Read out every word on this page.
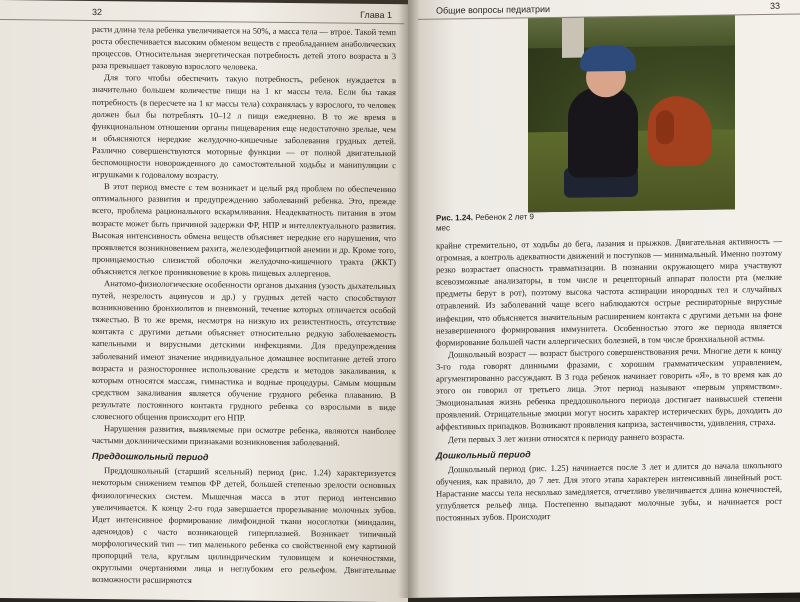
32	Глава 1

расти длина тела ребенка увеличивается на 50%, а масса тела — втрое. Такой темп роста обеспечивается высоким обменом веществ с преобладанием анаболических процессов. Относительная энергетическая потребность детей этого возраста в 3 раза превышает таковую взрослого человека.

Для того чтобы обеспечить такую потребность, ребенок нуждается в значительно большем количестве пищи на 1 кг массы тела. Если бы такая потребность (в пересчете на 1 кг массы тела) сохранялась у взрослого, то человек должен был бы потреблять 10–12 л пищи ежедневно. В то же время в функциональном отношении органы пищеварения еще недостаточно зрелые, чем и объясняются нередкие желудочно-кишечные заболевания грудных детей. Различно совершенствуются моторные функции — от полной двигательной беспомощности новорожденного до самостоятельной ходьбы и манипуляции с игрушками к годовалому возрасту.

В этот период вместе с тем возникает и целый ряд проблем по обеспечению оптимального развития и предупреждению заболеваний ребенка. Это, прежде всего, проблема рационального вскармливания. Неадекватность питания в этом возрасте может быть причиной задержки ФР, НПР и интеллектуального развития. Высокая интенсивность обмена веществ объясняет нередкие его нарушения, что проявляется возникновением рахита, железодефицитной анемии и др. Кроме того, проницаемостью слизистой оболочки желудочно-кишечного тракта (ЖКТ) объясняется легкое проникновение в кровь пищевых аллергенов.

Анатомо-физиологические особенности органов дыхания (узость дыхательных путей, незрелость ацинусов и др.) у грудных детей часто способствуют возникновению бронхиолитов и пневмоний, течение которых отличается особой тяжестью. В то же время, несмотря на низкую их резистентность, отсутствие контакта с другими детьми объясняет относительно редкую заболеваемость капельными и вирусными детскими инфекциями. Для предупреждения заболеваний имеют значение индивидуальное домашнее воспитание детей этого возраста и разностороннее использование средств и методов закаливания, к которым относятся массаж, гимнастика и водные процедуры. Самым мощным средством закаливания является обучение грудного ребенка плаванию. В результате постоянного контакта грудного ребенка со взрослыми в виде словесного общения происходит его НПР.

Нарушения развития, выявляемые при осмотре ребенка, являются наиболее частыми доклиническими признаками возникновения заболеваний.

Преддошкольный период

Преддошкольный (старший ясельный) период (рис. 1.24) характеризуется некоторым снижением темпов ФР детей, большей степенью зрелости основных физиологических систем. Мышечная масса в этот период интенсивно увеличивается. К концу 2-го года завершается прорезывание молочных зубов. Идет интенсивное формирование лимфоидной ткани носоглотки (миндалин, аденоидов) с часто возникающей гиперплазией. Возникает типичный морфологический тип — тип маленького ребенка со свойственной ему картиной пропорций тела, круглым цилиндрическим туловищем и конечностями, округлыми очертаниями лица и неглубоким его рельефом. Двигательные возможности расширяются

Общие вопросы педиатрии	33
Рис. 1.24. Ребенок 2 лет 9 мес

крайне стремительно, от ходьбы до бега, лазания и прыжков. Двигательная активность — огромная, а контроль адекватности движений и поступков — минимальный. Именно поэтому резко возрастает опасность травматизации. В познании окружающего мира участвуют всевозможные анализаторы, в том числе и рецепторный аппарат полости рта (мелкие предметы берут в рот), поэтому высока частота аспирации инородных тел и случайных отравлений. Из заболеваний чаще всего наблюдаются острые респираторные вирусные инфекции, что объясняется значительным расширением контакта с другими детьми на фоне незавершенного формирования иммунитета. Особенностью этого же периода является формирование большей части аллергических болезней, в том числе бронхиальной астмы.

Дошкольный возраст — возраст быстрого совершенствования речи. Многие дети к концу 3-го года говорят длинными фразами, с хорошим грамматическим управлением, аргументированно рассуждают. В 3 года ребенок начинает говорить «Я», в то время как до этого он говорил от третьего лица. Этот период называют «первым упрямством». Эмоциональная жизнь ребенка преддошкольного периода достигает наивысшей степени проявлений. Отрицательные эмоции могут носить характер истерических бурь, доходить до аффективных припадков. Возникают проявления каприза, застенчивости, удивления, страха.

Дети первых 3 лет жизни относятся к периоду раннего возраста.

Дошкольный период

Дошкольный период (рис. 1.25) начинается после 3 лет и длится до начала школьного обучения, как правило, до 7 лет. Для этого этапа характерен интенсивный линейный рост. Нарастание массы тела несколько замедляется, отчетливо увеличивается длина конечностей, углубляется рельеф лица. Постепенно выпадают молочные зубы, и начинается рост постоянных зубов. Происходит
